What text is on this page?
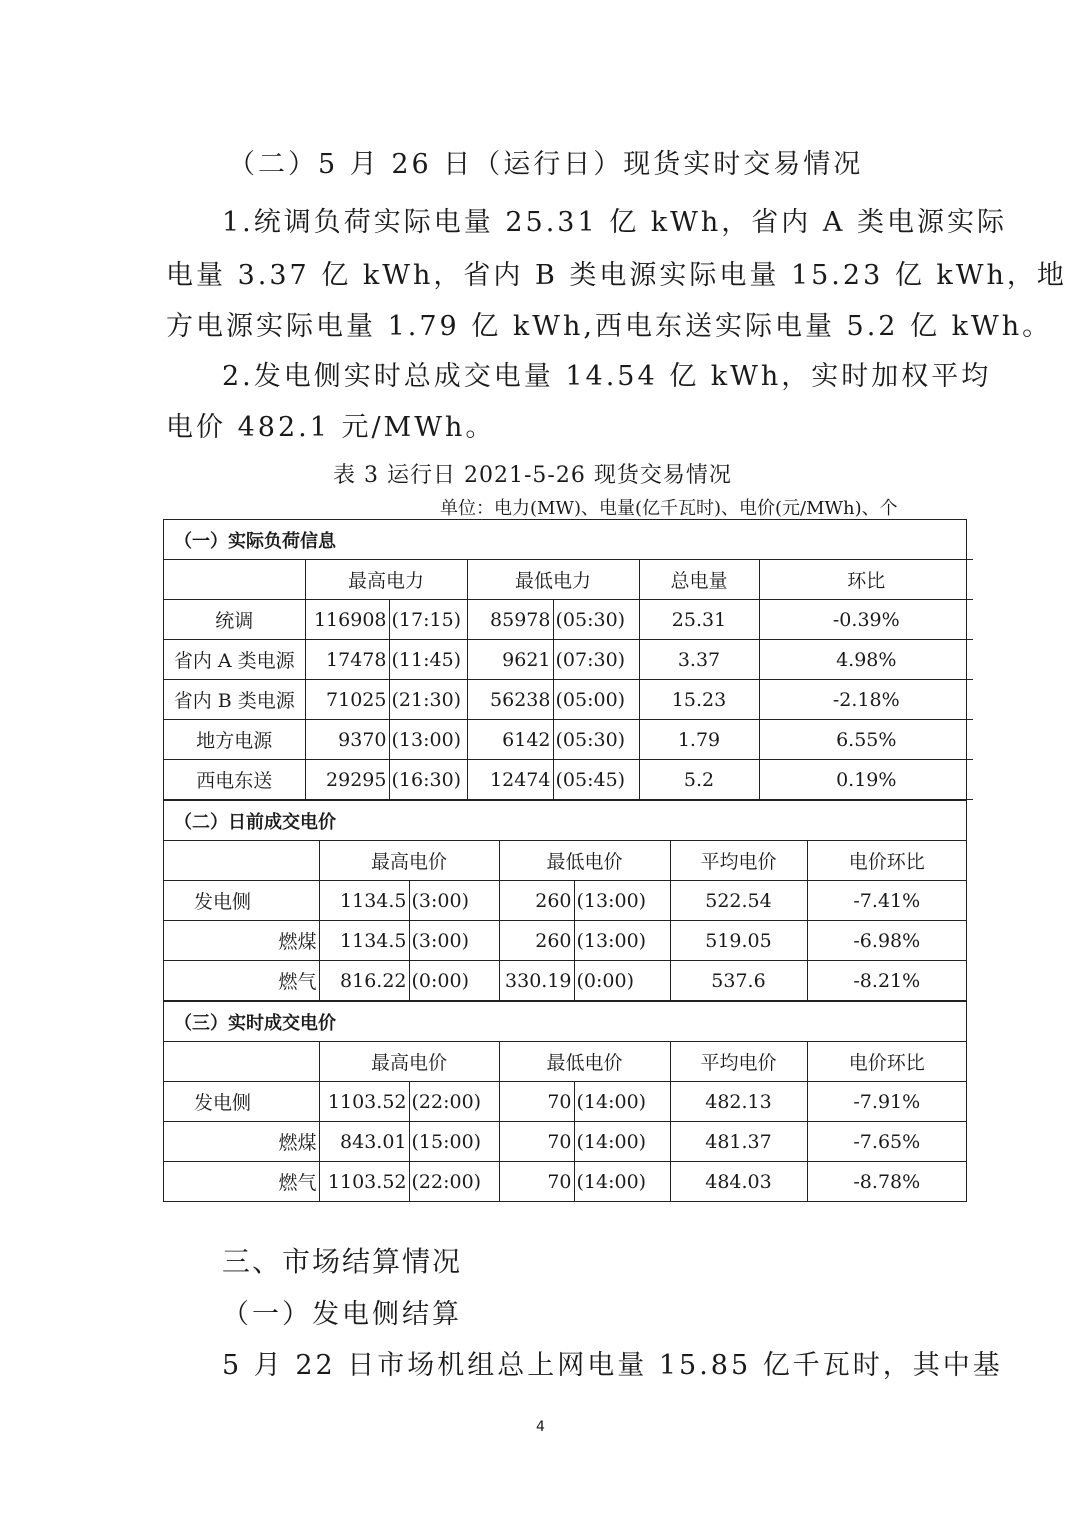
（二）5 月 26 日（运行日）现货实时交易情况
1.统调负荷实际电量 25.31 亿 kWh，省内 A 类电源实际
电量 3.37 亿 kWh，省内 B 类电源实际电量 15.23 亿 kWh，地
方电源实际电量 1.79 亿 kWh,西电东送实际电量 5.2 亿 kWh。
2.发电侧实时总成交电量 14.54 亿 kWh，实时加权平均
电价 482.1 元/MWh。
表 3 运行日 2021-5-26 现货交易情况
单位：电力(MW)、电量(亿千瓦时)、电价(元/MWh)、个
（一）实际负荷信息						
	最高电力		最低电力		总电量	环比
统调	116908	(17:15)	85978	(05:30)	25.31	-0.39%
省内 A 类电源	17478	(11:45)	9621	(07:30)	3.37	4.98%
省内 B 类电源	71025	(21:30)	56238	(05:00)	15.23	-2.18%
地方电源	9370	(13:00)	6142	(05:30)	1.79	6.55%
西电东送	29295	(16:30)	12474	(05:45)	5.2	0.19%
（二）日前成交电价						
	最高电价		最低电价		平均电价	电价环比
发电侧	1134.5	(3:00)	260	(13:00)	522.54	-7.41%
燃煤	1134.5	(3:00)	260	(13:00)	519.05	-6.98%
燃气	816.22	(0:00)	330.19	(0:00)	537.6	-8.21%
（三）实时成交电价						
	最高电价		最低电价		平均电价	电价环比
发电侧	1103.52	(22:00)	70	(14:00)	482.13	-7.91%
燃煤	843.01	(15:00)	70	(14:00)	481.37	-7.65%
燃气	1103.52	(22:00)	70	(14:00)	484.03	-8.78%
三、市场结算情况
（一）发电侧结算
5 月 22 日市场机组总上网电量 15.85 亿千瓦时，其中基
4
